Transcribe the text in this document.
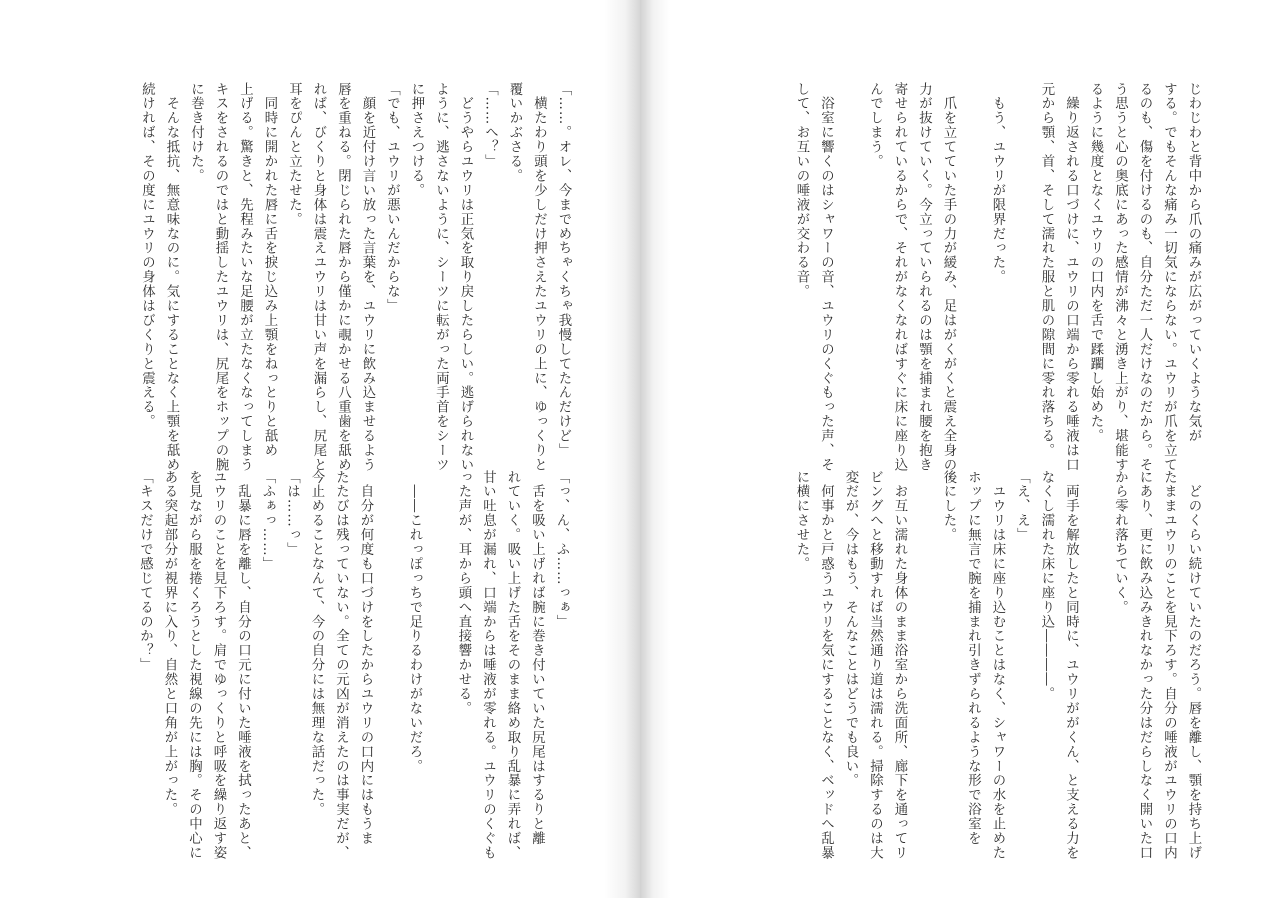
「……。オレ、今までめちゃくちゃ我慢してたんだけど」
　横たわり頭を少しだけ押さえたユウリの上に、ゆっくりと
覆いかぶさる。
「……へ？」
　どうやらユウリは正気を取り戻したらしい。逃げられない
ように、逃さないように、シーツに転がった両手首をシーツ
に押さえつける。
「でも、ユウリが悪いんだからな」
　顔を近付け言い放った言葉を、ユウリに飲み込ませるよう
唇を重ねる。閉じられた唇から僅かに覗かせる八重歯を舐め
れば、びくりと身体は震えユウリは甘い声を漏らし、尻尾と
耳をぴんと立たせた。
　同時に開かれた唇に舌を捩じ込み上顎をねっとりと舐め
上げる。驚きと、先程みたいな足腰が立たなくなってしまう
キスをされるのではと動揺したユウリは、尻尾をホップの腕
に巻き付けた。
　そんな抵抗、無意味なのに。気にすることなく上顎を舐め
続ければ、その度にユウリの身体はびくりと震える。
「っ、ん、ふ……っぁ」
　舌を吸い上げれば腕に巻き付いていた尻尾はするりと離
れていく。吸い上げた舌をそのまま絡め取り乱暴に弄れば、
甘い吐息が漏れ、口端からは唾液が零れる。ユウリのくぐも
った声が、耳から頭へ直接響かせる。

　――これっぽっちで足りるわけがないだろ。

　自分が何度も口づけをしたからユウリの口内にはもうま
たたびは残っていない。全ての元凶が消えたのは事実だが、
今止めることなんて、今の自分には無理な話だった。
「は……っ」
「ふぁっ……」
　乱暴に唇を離し、自分の口元に付いた唾液を拭ったあと、
ユウリのことを見下ろす。肩でゆっくりと呼吸を繰り返す姿
を見ながら服を捲くろうとした視線の先には胸。その中心に
ある突起部分が視界に入り、自然と口角が上がった。
「キスだけで感じてるのか？」
じわじわと背中から爪の痛みが広がっていくような気が
する。でもそんな痛み一切気にならない。ユウリが爪を立て
るのも、傷を付けるのも、自分ただ一人だけなのだから。そ
う思うと心の奥底にあった感情が沸々と湧き上がり、堪能す
るように幾度となくユウリの口内を舌で蹂躙し始めた。
　繰り返される口づけに、ユウリの口端から零れる唾液は口
元から顎、首、そして濡れた服と肌の隙間に零れ落ちる。

　もう、ユウリが限界だった。

　爪を立てていた手の力が緩み、足はがくがくと震え全身の
力が抜けていく。今立っていられるのは顎を捕まれ腰を抱き
寄せられているからで、それがなくなればすぐに床に座り込
んでしまう。

　浴室に響くのはシャワーの音、ユウリのくぐもった声、そ
して、お互いの唾液が交わる音。
　どのくらい続けていたのだろう。唇を離し、顎を持ち上げ
たままユウリのことを見下ろす。自分の唾液がユウリの口内
にあり、更に飲み込みきれなかった分はだらしなく開いた口
から零れ落ちていく。

　両手を解放したと同時に、ユウリががくん、と支える力を
なくし濡れた床に座り込――――。
「え、え」
　ユウリは床に座り込むことはなく、シャワーの水を止めた
ホップに無言で腕を捕まれ引きずられるような形で浴室を
後にした。

　お互い濡れた身体のまま浴室から洗面所、廊下を通ってリ
ビングへと移動すれば当然通り道は濡れる。掃除するのは大
変だが、今はもう、そんなことはどうでも良い。
　何事かと戸惑うユウリを気にすることなく、ベッドへ乱暴
に横にさせた。
